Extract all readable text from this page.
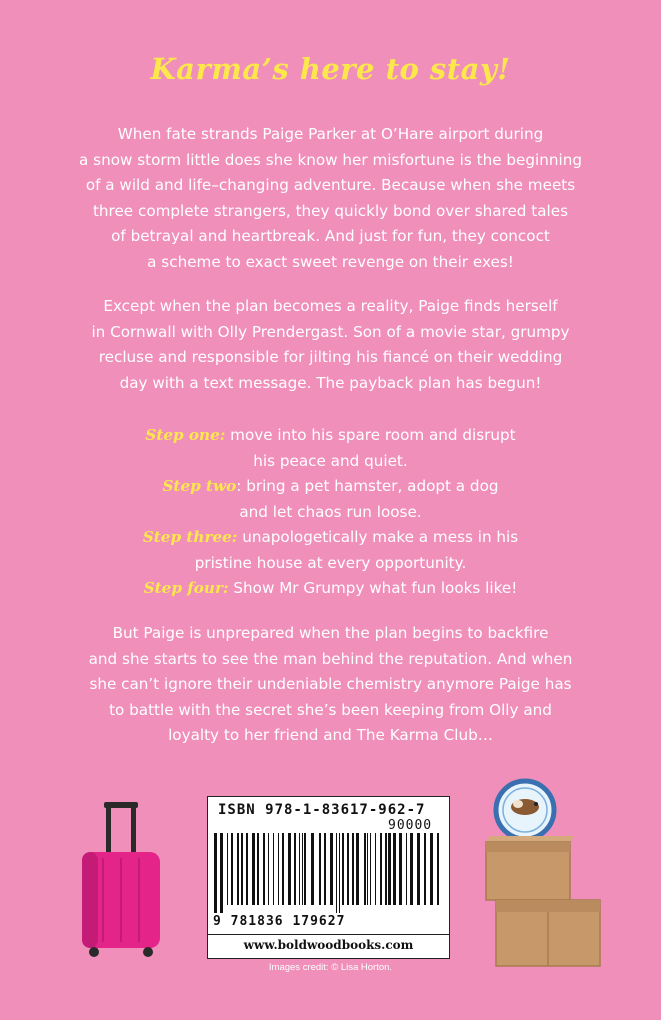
Karma’s here to stay!
When fate strands Paige Parker at O’Hare airport during
a snow storm little does she know her misfortune is the beginning
of a wild and life–changing adventure. Because when she meets
three complete strangers, they quickly bond over shared tales
of betrayal and heartbreak. And just for fun, they concoct
a scheme to exact sweet revenge on their exes!
Except when the plan becomes a reality, Paige finds herself
in Cornwall with Olly Prendergast. Son of a movie star, grumpy
recluse and responsible for jilting his fiancé on their wedding
day with a text message. The payback plan has begun!
Step one: move into his spare room and disrupt
his peace and quiet.
Step two: bring a pet hamster, adopt a dog
and let chaos run loose.
Step three: unapologetically make a mess in his
pristine house at every opportunity.
Step four: Show Mr Grumpy what fun looks like!
But Paige is unprepared when the plan begins to backfire
and she starts to see the man behind the reputation. And when
she can’t ignore their undeniable chemistry anymore Paige has
to battle with the secret she’s been keeping from Olly and
loyalty to her friend and The Karma Club…
ISBN 978-1-83617-962-7
90000
9 781836 179627
www.boldwoodbooks.com
Images credit: © Lisa Horton.
